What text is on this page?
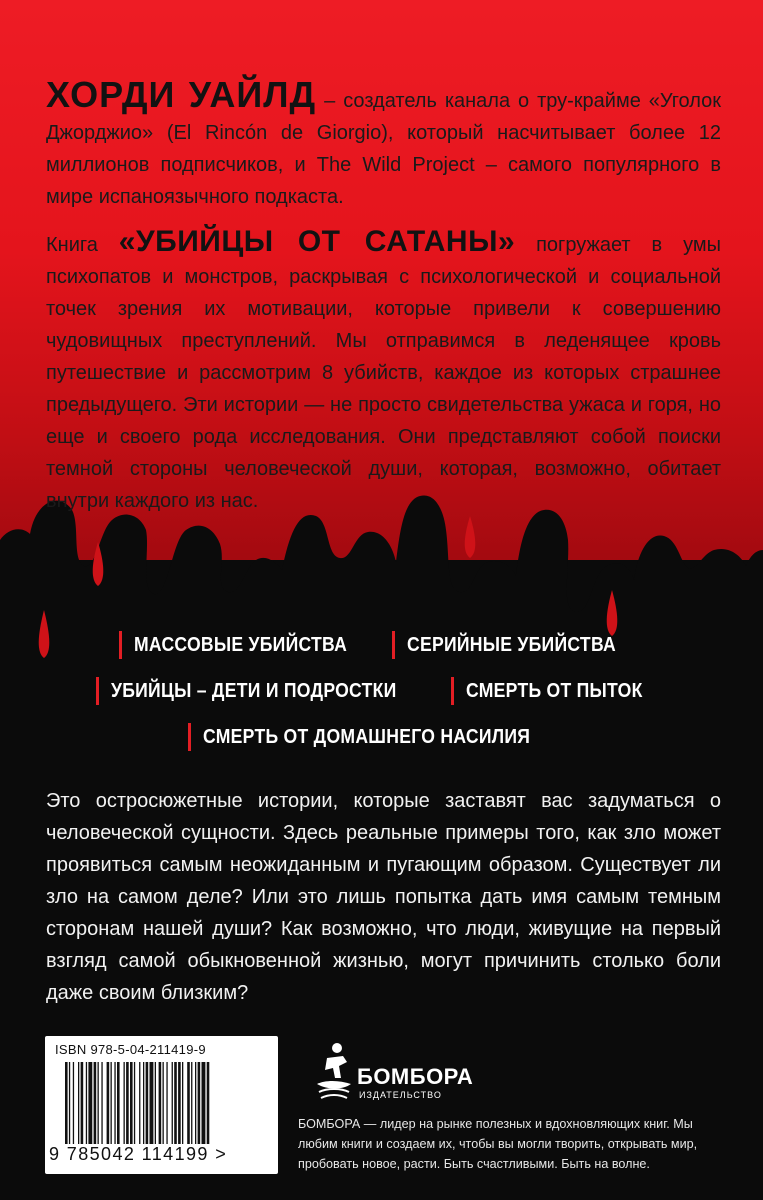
ХОРДИ УАЙЛД – создатель канала о тру-крайме «Уголок Джорджио» (El Rincón de Giorgio), который насчитывает более 12 миллионов подписчиков, и The Wild Project – самого популярного в мире испаноязычного подкаста.
Книга «УБИЙЦЫ ОТ САТАНЫ» погружает в умы психопатов и монстров, раскрывая с психологической и социальной точек зрения их мотивации, которые привели к совершению чудовищных преступлений. Мы отправимся в леденящее кровь путешествие и рассмотрим 8 убийств, каждое из которых страшнее предыдущего. Эти истории — не просто свидетельства ужаса и горя, но еще и своего рода исследования. Они представляют собой поиски темной стороны человеческой души, которая, возможно, обитает внутри каждого из нас.
МАССОВЫЕ УБИЙСТВА	СЕРИЙНЫЕ УБИЙСТВА
УБИЙЦЫ – ДЕТИ И ПОДРОСТКИ	СМЕРТЬ ОТ ПЫТОК
СМЕРТЬ ОТ ДОМАШНЕГО НАСИЛИЯ
Это остросюжетные истории, которые заставят вас задуматься о человеческой сущности. Здесь реальные примеры того, как зло может проявиться самым неожиданным и пугающим образом. Существует ли зло на самом деле? Или это лишь попытка дать имя самым темным сторонам нашей души? Как возможно, что люди, живущие на первый взгляд самой обыкновенной жизнью, могут причинить столько боли даже своим близким?
ISBN 978-5-04-211419-9
9 785042 114199 >
БОМБОРА
ИЗДАТЕЛЬСТВО
БОМБОРА — лидер на рынке полезных и вдохновляющих книг. Мы любим книги и создаем их, чтобы вы могли творить, открывать мир, пробовать новое, расти. Быть счастливыми. Быть на волне.
